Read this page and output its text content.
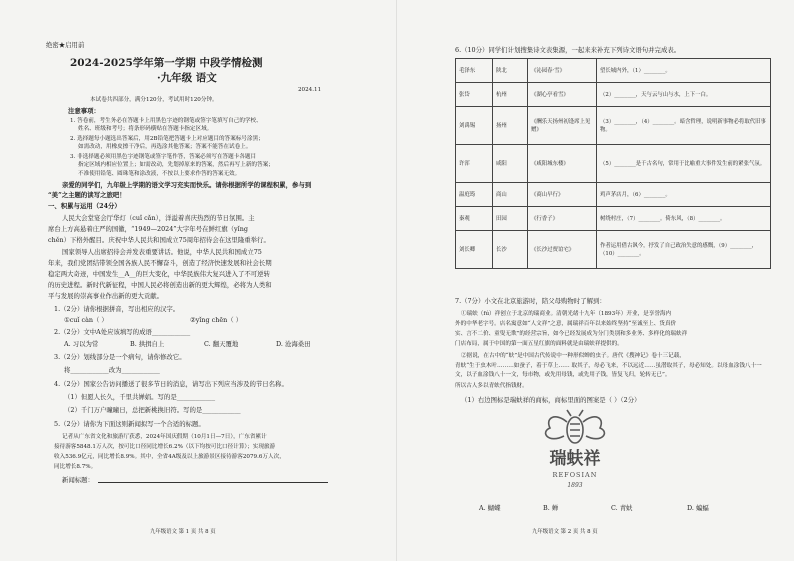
绝密★启用前
2024-2025学年第一学期 中段学情检测
·九年级 语文
2024.11
本试卷共四部分，满分120分，考试用时120分钟。
注意事项：
1. 答卷前，考生务必在答题卡上用黑色字迹的钢笔或签字笔填写自己的学校、
姓名、班级和考号；将条形码横贴在答题卡指定区域。
2. 选择题每小题选出答案后，用2B铅笔把答题卡上对应题目的答案标号涂黑；
如需改动，用橡皮擦干净后，再选涂其他答案；答案不能答在试卷上。
3. 非选择题必须用黑色字迹钢笔或签字笔作答，答案必须写在答题卡各题目
指定区域内相应位置上；如需改动，先划掉原来的答案，然后再写上新的答案；
不准使用铅笔、圆珠笔和涂改液，不按以上要求作答的答案无效。
亲爱的同学们，九年级上学期的语文学习充实而快乐。请你根据所学的课程积累，参与到
“美”之主题的读写之旅吧！
一、积累与运用（24分）
人民大会堂宴会厅华灯（cuǐ cǎn），洋溢着喜庆热烈的节日氛围。主
席台上方高悬着庄严的国徽，“1949—2024”大字年号在鲜红旗（yǐng
chěn）下格外醒目。庆祝中华人民共和国成立75周年招待会在这里隆重举行。
国家领导人出席招待会并发表重要讲话。他说，中华人民共和国成立75
年来，我们党团结带领全国各族人民不懈奋斗，创造了经济快速发展和社会长期
稳定两大奇迹，中国发生__A__的巨大变化，中华民族伟大复兴进入了不可逆转
的历史进程。新时代新征程，中国人民必将创造出新的更大辉煌，必将为人类和
平与发展的崇高事业作出新的更大贡献。
1.（2分）请你根据拼音，写出相应的汉字。
①cuǐ càn（ ）	②yǐng chēn（ ）
2.（2分）文中A处应该填写的成语____________
A. 习以为常	B. 拱揖自上	C. 翻天覆地	D. 沧海桑田
3.（2分）划线部分是一个病句，请你修改它。
将____________改为____________
4.（2分）国家公告访问播送了很多节日的消息，请写出下列应当涉及的节日名称。
（1）但愿人长久，千里共婵娟。写的是____________
（2）千门万户曈曈日，总把新桃换旧符。写的是____________
5.（2分）请你为下面这则新闻拟写一个合适的标题。
记者从广东省文化和旅游厅获悉，2024年国庆假期（10月1日—7日），广东省累计
接待游客5848.1万人次，按可比口径同比增长6.2%（以下均按可比口径计算）；实现旅游
收入536.9亿元，同比增长8.9%。其中，全省4A级及以上旅游景区接待游客2079.6万人次，
同比增长8.7%。
新闻标题：
九年级语文 第 1 页 共 8 页
6.（10分）同学们计划搜集诗文表集源，一起来来补充下列诗文语句并完成表。
毛泽东	陕北	《沁园春·雪》	望长城内外，（1）________。
张岱	杭州	《湖心亭看雪》	（2）________，天与云与山与水，上下一白。
刘禹锡	扬州	《酬乐天扬州初逢席上见赠》	（3）________，（4）________。暗含哲理，说明新事物必将取代旧事物。
许浑	咸阳	《咸阳城东楼》	（5）________是千古名句，常用于比喻重大事件发生前的紧张气氛。
温庭筠	商山	《商山早行》	鸡声茅店月，（6）________。
秦观	田园	《行香子》	树绕村庄，（7）________。倚东风，（8）________。
刘长卿	长沙	《长沙过贾谊宅》	作者运用借古讽今，抒发了自己政治失意的感慨，（9）________，（10）________。
7.（7分）小文在北京旅游时，陪父母购物时了解到：
①瑞蚨（fú）祥创立于北京的瑞商业。清朝光绪十九年（1893年）开业，是享誉海内
外的中华老字号。店名寓意如“人文祥”之意，属瑞祥百年以来始终坚持“至诚至上、货真价
实、言不二价、童叟无欺”的经营宗旨，如今已经发展成为分门类别和多业务、多样化的瑞蚨祥
门店布局，属于中国的第一面五星红旗的面料就是由瑞蚨祥提供的。
②据说，在古中的“蚨”是中国古代传说中一种形似蝉的虫子。唐代《搜神记》卷十三记载，
青蚨“生于虫木叶………如蚕子，着于草上…… 取其子，母必飞来，不以远近……虽潜取其子，母必知处。以母血涂钱八十一文，以子血涂钱八十一文，每市物，或先用母钱，或先用子钱，皆复飞归，轮转无已”。
所以古人多以青蚨代指钱财。
（1）右边图标是瑞蚨祥的商标，商标里面的图案是（ ）（2分）
瑞蚨祥
REFOSIAN
1893
A. 蝴蝶	B. 蝉	C. 青蚨	D. 蝙蝠
九年级语文 第 2 页 共 8 页
